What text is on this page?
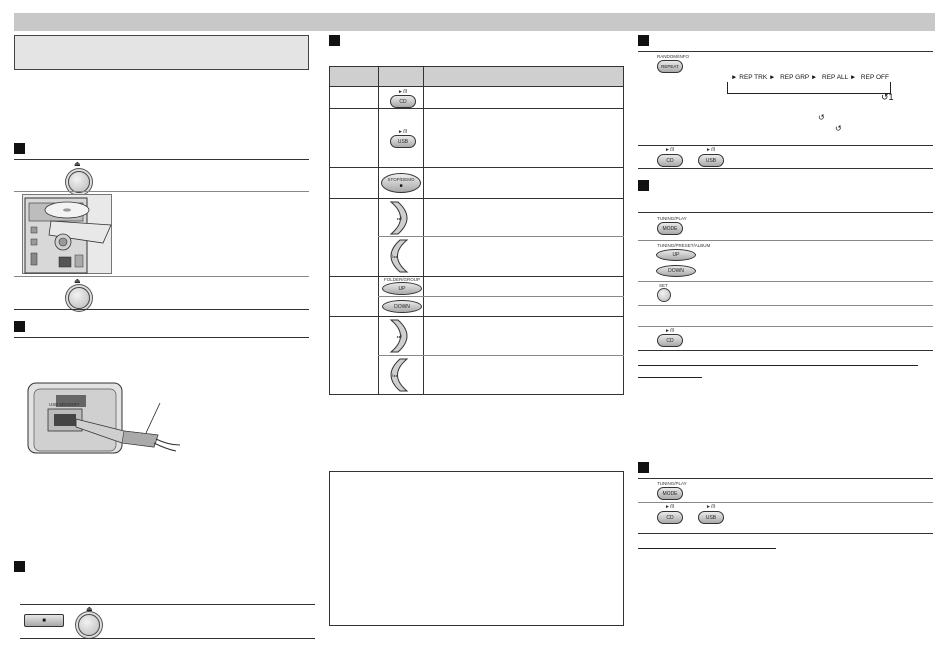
⏏
⏏
USB MEMORY
■
⏏
►/II
CD
►/II
USB
STOP/DEMO
■
▸▸I
I◂◂
FOLDER/GROUP
UP
DOWN
▸▸I
I◂◂
RANDOM/INFO
REPEAT
► REP TRK ► REP GRP ► REP ALL ► REP OFF
↺1
↺
↺
►/II
CD
►/II
USB
TUNING/PLAY
MODE
TUNING/PRESET/ALBUM
UP
DOWN
SET
►/II
CD
TUNING/PLAY
MODE
►/II
CD
►/II
USB
